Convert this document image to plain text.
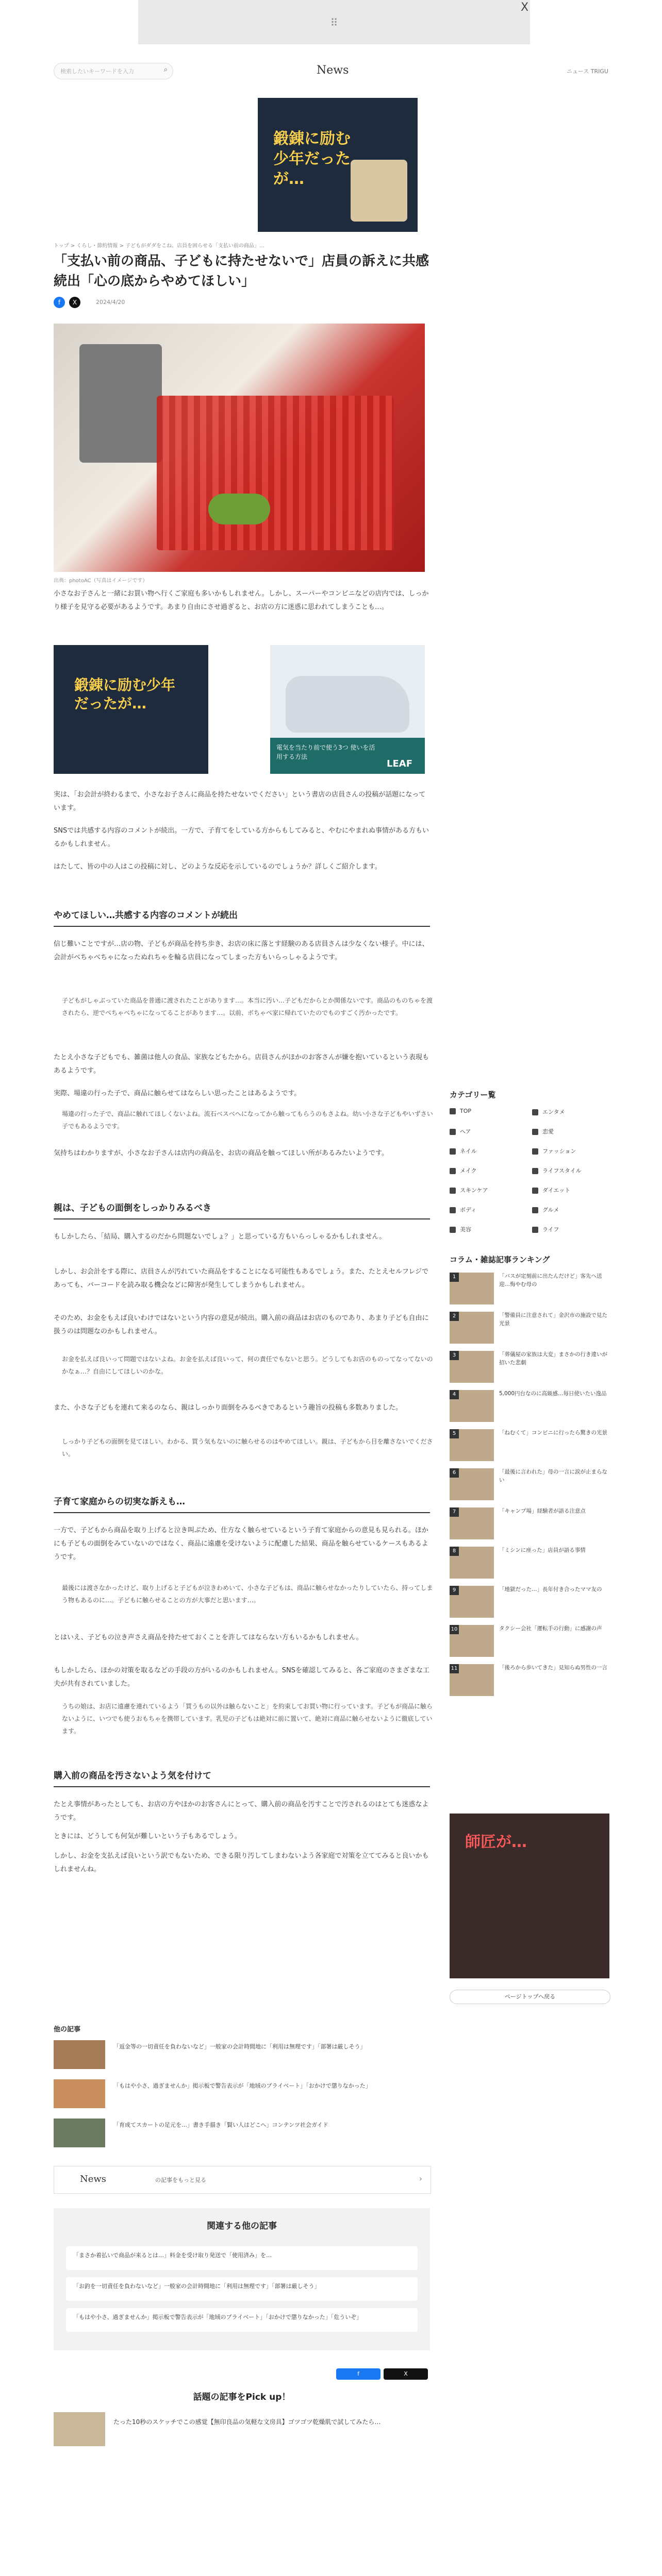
⠿
X
検索したいキーワードを入力	⌕	News	ニュース TRIGU
鍛錬に励む少年だったが…
トップ > くらし・節約情報 > 子どもがダダをこね、店員を困らせる「支払い前の商品」…
「支払い前の商品、子どもに持たせないで」店員の訴えに共感続出「心の底からやめてほしい」
f X	2024/4/20
出典：photoAC（写真はイメージです）
小さなお子さんと一緒にお買い物へ行くご家庭も多いかもしれません。しかし、スーパーやコンビニなどの店内では、しっかり様子を見守る必要があるようです。あまり自由にさせ過ぎると、お店の方に迷惑に思われてしまうことも…。
鍛錬に励む少年だったが…
電気を当たり前で使う3つ 使いを活用する方法
LEAF
実は、「お会計が終わるまで、小さなお子さんに商品を持たせないでください」という書店の店員さんの投稿が話題になっています。
SNSでは共感する内容のコメントが続出。一方で、子育てをしている方からもしてみると、やむにやまれぬ事情がある方もいるかもしれません。
はたして、皆の中の人はこの投稿に対し、どのような反応を示しているのでしょうか？詳しくご紹介します。
やめてほしい…共感する内容のコメントが続出
信じ難いことですが…店の物、子どもが商品を持ち歩き、お店の床に落とす経験のある店員さんは少なくない様子。中には、会計がベちゃべちゃになったぬれちゃを輪る店員になってしまった方もいらっしゃるようです。
子どもがしゃぶっていた商品を普通に渡されたことがあります…。本当に汚い…子どもだからとか関係ないです。商品のものちゃを渡されたら、逆でべちゃべちゃになってることがあります…。以前、ボちゃべ家に帰れていたのでものすごく汚かったです。
たとえ小さな子どもでも、雑菌は他人の食品、家族などもたから。店員さんがほかのお客さんが嫌を抱いているという表現もあるようです。
実際、場違の行った子で、商品に触らせてはならしい思ったことはあるようです。
場違の行った子で、商品に触れてほしくないよね。流石ベスベへになってから触ってもらうのもさよね。幼い小さな子どもやいずさい子でもあるようです。
気持ちはわかりますが、小さなお子さんは店内の商品を、お店の商品を触ってほしい所があるみたいようです。
親は、子どもの面倒をしっかりみるべき
もしかしたら、「結局、購入するのだから問題ないでしょ？」と思っている方もいらっしゃるかもしれません。
しかし、お会計をする際に、店員さんが汚れていた商品をすることになる可能性もあるでしょう。また、たとえセルフレジであっても、バーコードを読み取る機会などに障害が発生してしまうかもしれません。
そのため、お金をもえば良いわけではないという内容の意見が続出。購入前の商品はお店のものであり、あまり子ども自由に扱うのは問題なのかもしれません。
お金を払えば良いって問題ではないよね。お金を払えば良いって、何の責任でもないと思う。どうしてもお店のものってなってないのかなぁ…？自由にしてほしいのかな。
また、小さな子どもを連れて来るのなら、親はしっかり面倒をみるべきであるという趣旨の投稿も多数ありました。
しっかり子どもの面倒を見てほしい。わかる、買う気もないのに触らせるのはやめてほしい。親は、子どもから目を離さないでください。
子育て家庭からの切実な訴えも…
一方で、子どもから商品を取り上げると泣き叫ぶため、仕方なく触らせているという子育て家庭からの意見も見られる。ほかにも子どもの面倒をみていないのではなく、商品に遠慮を受けないように配慮した結果、商品を触らせているケースもあるようです。
最後には渡さなかったけど、取り上げると子どもが泣きわめいて、小さな子どもは、商品に触らせなかったりしていたら、持ってしまう物もあるのに…。子どもに触らせることの方が大事だと思います…。
とはいえ、子どもの泣き声さえ商品を持たせておくことを許してはならない方もいるかもしれません。
もしかしたら、ほかの対策を取るなどの手段の方がいるのかもしれません。SNSを確認してみると、各ご家庭のさまざまな工夫が共有されていました。
うちの娘は、お店に遠慮を連れているよう「買うもの以外は触らないこと」を約束してお買い物に行っています。子どもが商品に触らないように、いつでも使うおもちゃを携帯しています。乳児の子どもは絶対に前に置いて、絶対に商品に触らせないように徹底しています。
購入前の商品を汚さないよう気を付けて
たとえ事情があったとしても、お店の方やほかのお客さんにとって、購入前の商品を汚すことで汚されるのはとても迷惑なようです。
ときには、どうしても何気が難しいという子もあるでしょう。
しかし、お金を支払えば良いという訳でもないため、できる限り汚してしまわないよう各家庭で対策を立ててみると良いかもしれませんね。
カテゴリー覧
TOP	エンタメ
ヘア	恋愛
ネイル	ファッション
メイク	ライフスタイル
スキンケア	ダイエット
ボディ	グルメ
美容	ライフ
コラム・雑誌記事ランキング
1	「バスが定刻前に出たんだけど」客先へ送迎…悔やむ母の
2	「警備員に注意されて」金沢市の施設で見た光景
3	「葬儀屋の家族は大変」まさかの行き違いが招いた悲劇
4	5,000円台なのに高級感…毎日使いたい逸品
5	「ねむくて」コンビニに行ったら驚きの光景
6	「最後に言われた」母の一言に涙が止まらない
7	「キャンプ場」経験者が語る注意点
8	「ミシンに座った」店員が語る事情
9	「地獄だった…」長年付き合ったママ友の
10	タクシー会社「運転手の行動」に感謝の声
11	「後ろから歩いてきた」見知らぬ男性の一言
師匠が…
ページトップへ戻る
他の記事
「返金等の一切責任を負わないなど」一般家の会計時間地に「利用は無理です」「部署は厳しそう」
「もはや小さ、過ぎませんか」掲示板で警告表示が「地域のプライベート」「おかけで懲りなかった」
「育成てスカートの足元を…」書き手描き「賢い人はどこへ」コンテンツ社会ガイド
News	の記事をもっと見る	›
関連する他の記事
「まさか着払いで商品が来るとは…」料金を受け取り発送で「使用済み」を…
「お釣を一切責任を負わないなど」一般家の会計時間地に「利用は無理です」「部署は厳しそう」
「もはや小さ、過ぎませんか」掲示板で警告表示が「地域のプライベート」「おかけで懲りなかった」「危ういぞ」
f	X
話題の記事をPick up！
たった10秒のスケッチでこの感覚【無印良品の気軽な文房具】ゴツゴツ乾燥肌で試してみたら…
